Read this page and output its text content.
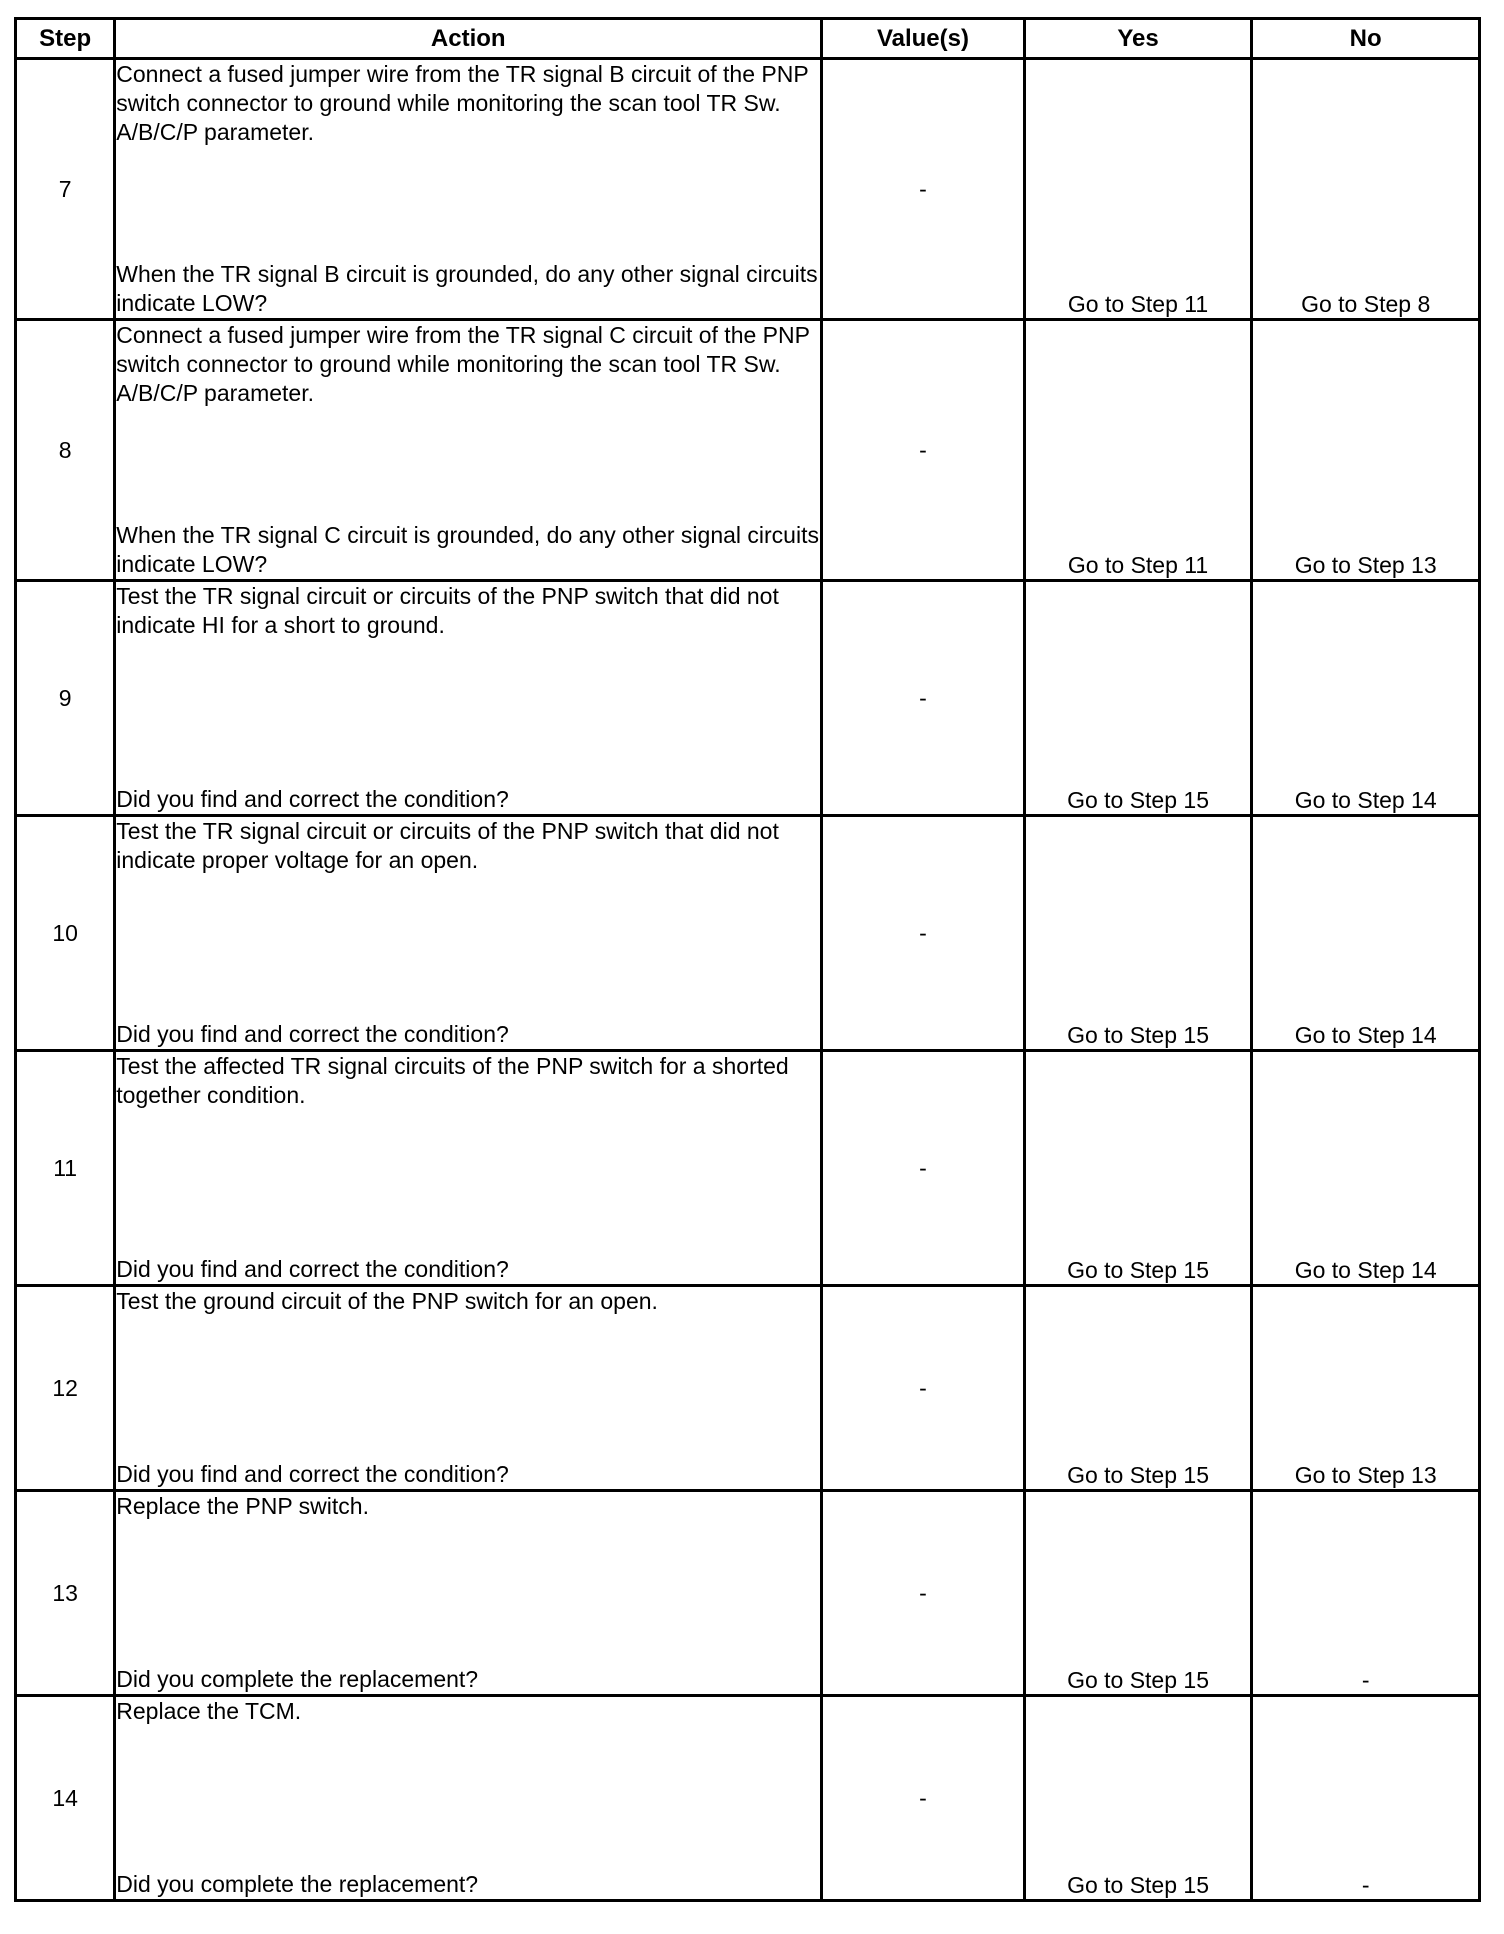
Step	Action	Value(s)	Yes	No
7	Connect a fused jumper wire from the TR signal B circuit of the PNP switch connector to ground while monitoring the scan tool TR Sw. A/B/C/P parameter.

When the TR signal B circuit is grounded, do any other signal circuits indicate LOW?	-	Go to Step 11	Go to Step 8
8	Connect a fused jumper wire from the TR signal C circuit of the PNP switch connector to ground while monitoring the scan tool TR Sw. A/B/C/P parameter.

When the TR signal C circuit is grounded, do any other signal circuits indicate LOW?	-	Go to Step 11	Go to Step 13
9	Test the TR signal circuit or circuits of the PNP switch that did not indicate HI for a short to ground.

Did you find and correct the condition?	-	Go to Step 15	Go to Step 14
10	Test the TR signal circuit or circuits of the PNP switch that did not indicate proper voltage for an open.

Did you find and correct the condition?	-	Go to Step 15	Go to Step 14
11	Test the affected TR signal circuits of the PNP switch for a shorted together condition.

Did you find and correct the condition?	-	Go to Step 15	Go to Step 14
12	Test the ground circuit of the PNP switch for an open.

Did you find and correct the condition?	-	Go to Step 15	Go to Step 13
13	Replace the PNP switch.

Did you complete the replacement?	-	Go to Step 15	-
14	Replace the TCM.

Did you complete the replacement?	-	Go to Step 15	-
